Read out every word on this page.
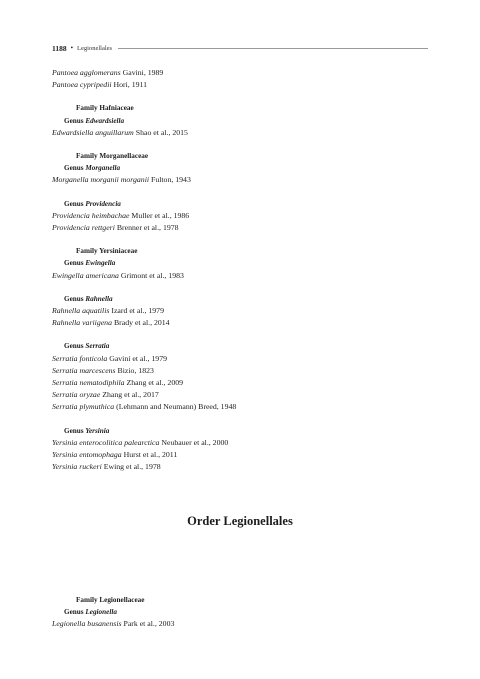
1188 • Legionellales
Pantoea agglomerans Gavini, 1989
Pantoea cypripedii Hori, 1911
Family Hafniaceae
Genus Edwardsiella
Edwardsiella anguillarum Shao et al., 2015
Family Morganellaceae
Genus Morganella
Morganella morganii morganii Fulton, 1943
Genus Providencia
Providencia heimbachae Muller et al., 1986
Providencia rettgeri Brenner et al., 1978
Family Yersiniaceae
Genus Ewingella
Ewingella americana Grimont et al., 1983
Genus Rahnella
Rahnella aquatilis Izard et al., 1979
Rahnella variigena Brady et al., 2014
Genus Serratia
Serratia fonticola Gavini et al., 1979
Serratia marcescens Bizio, 1823
Serratia nematodiphila Zhang et al., 2009
Serratia oryzae Zhang et al., 2017
Serratia plymuthica (Lehmann and Neumann) Breed, 1948
Genus Yersinia
Yersinia enterocolitica palearctica Neubauer et al., 2000
Yersinia entomophaga Hurst et al., 2011
Yersinia ruckeri Ewing et al., 1978
Order Legionellales
Family Legionellaceae
Genus Legionella
Legionella busanensis Park et al., 2003
